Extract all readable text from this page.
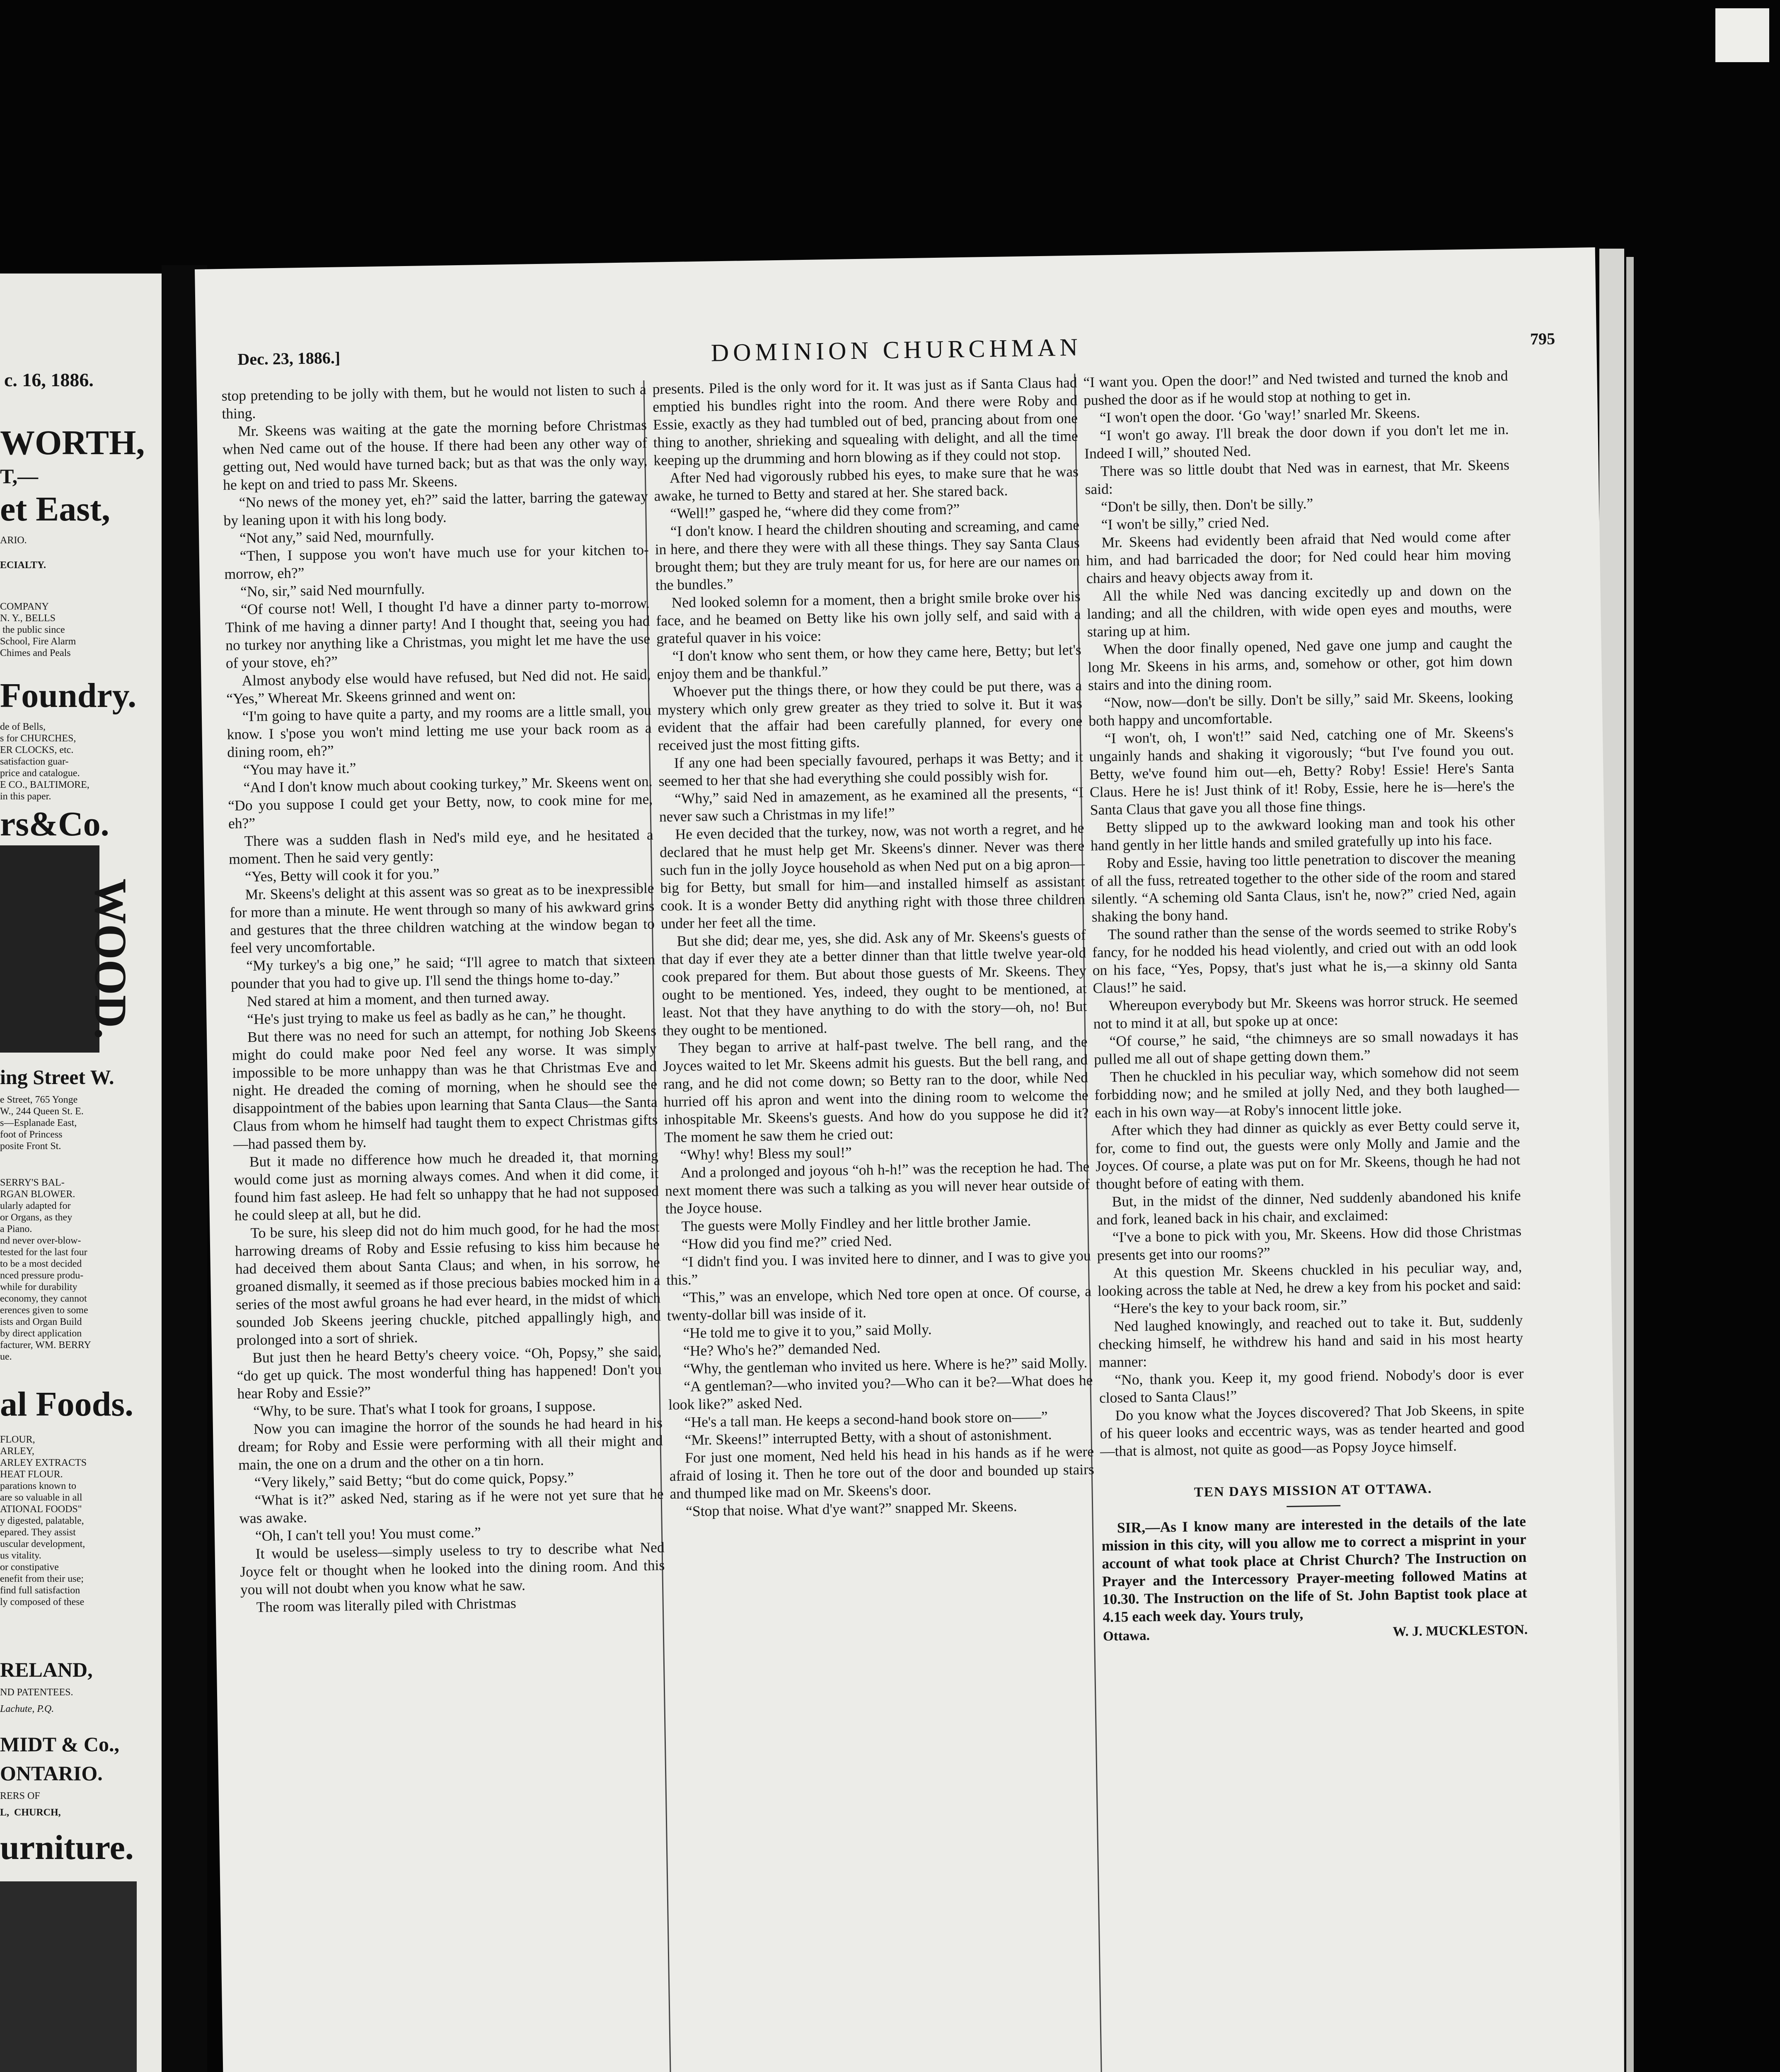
c. 16, 1886.
WORTH,
T,—
et East,
ARIO.
ECIALTY.
COMPANY
N. Y., BELLS
the public since
School, Fire Alarm
Chimes and Peals
Foundry.
de of Bells,
s for CHURCHES,
ER CLOCKS, etc.
satisfaction guar-
price and catalogue.
E CO., BALTIMORE,
in this paper.
rs&Co.
WOOD.
ing Street W.
e Street, 765 Yonge
W., 244 Queen St. E.
s—Esplanade East,
foot of Princess
posite Front St.
SERRY'S BAL-
RGAN BLOWER.
ularly adapted for
or Organs, as they
a Piano.
nd never over-blow-
tested for the last four
to be a most decided
nced pressure produ-
while for durability
economy, they cannot
erences given to some
ists and Organ Build
by direct application
facturer, WM. BERRY
ue.
al Foods.
FLOUR,
ARLEY,
ARLEY EXTRACTS
HEAT FLOUR.
parations known to
are so valuable in all
ATIONAL FOODS"
y digested, palatable,
epared. They assist
uscular development,
us vitality.
or constipative
enefit from their use;
find full satisfaction
ly composed of these
RELAND,
ND PATENTEES.
Lachute, P.Q.
MIDT & Co.,
ONTARIO.
RERS OF
L,  CHURCH,
urniture.
Dec. 23, 1886.]	DOMINION CHURCHMAN	795

stop pretending to be jolly with them, but he would not listen to such a thing.

Mr. Skeens was waiting at the gate the morning before Christmas when Ned came out of the house. If there had been any other way of getting out, Ned would have turned back; but as that was the only way, he kept on and tried to pass Mr. Skeens.

“No news of the money yet, eh?” said the latter, barring the gateway by leaning upon it with his long body.

“Not any,” said Ned, mournfully.

“Then, I suppose you won't have much use for your kitchen to-morrow, eh?”

“No, sir,” said Ned mournfully.

“Of course not! Well, I thought I'd have a dinner party to-morrow. Think of me having a dinner party! And I thought that, seeing you had no turkey nor anything like a Christmas, you might let me have the use of your stove, eh?”

Almost anybody else would have refused, but Ned did not. He said, “Yes,” Whereat Mr. Skeens grinned and went on:

“I'm going to have quite a party, and my rooms are a little small, you know. I s'pose you won't mind letting me use your back room as a dining room, eh?”

“You may have it.”

“And I don't know much about cooking turkey,” Mr. Skeens went on. “Do you suppose I could get your Betty, now, to cook mine for me, eh?”

There was a sudden flash in Ned's mild eye, and he hesitated a moment. Then he said very gently:

“Yes, Betty will cook it for you.”

Mr. Skeens's delight at this assent was so great as to be inexpressible for more than a minute. He went through so many of his awkward grins and gestures that the three children watching at the window began to feel very uncomfortable.

“My turkey's a big one,” he said; “I'll agree to match that sixteen pounder that you had to give up. I'll send the things home to-day.”

Ned stared at him a moment, and then turned away.

“He's just trying to make us feel as badly as he can,” he thought.

But there was no need for such an attempt, for nothing Job Skeens might do could make poor Ned feel any worse. It was simply impossible to be more unhappy than was he that Christmas Eve and night. He dreaded the coming of morning, when he should see the disappointment of the babies upon learning that Santa Claus—the Santa Claus from whom he himself had taught them to expect Christmas gifts—had passed them by.

But it made no difference how much he dreaded it, that morning would come just as morning always comes. And when it did come, it found him fast asleep. He had felt so unhappy that he had not supposed he could sleep at all, but he did.

To be sure, his sleep did not do him much good, for he had the most harrowing dreams of Roby and Essie refusing to kiss him because he had deceived them about Santa Claus; and when, in his sorrow, he groaned dismally, it seemed as if those precious babies mocked him in a series of the most awful groans he had ever heard, in the midst of which sounded Job Skeens jeering chuckle, pitched appallingly high, and prolonged into a sort of shriek.

But just then he heard Betty's cheery voice. “Oh, Popsy,” she said, “do get up quick. The most wonderful thing has happened! Don't you hear Roby and Essie?”

“Why, to be sure. That's what I took for groans, I suppose.

Now you can imagine the horror of the sounds he had heard in his dream; for Roby and Essie were performing with all their might and main, the one on a drum and the other on a tin horn.

“Very likely,” said Betty; “but do come quick, Popsy.”

“What is it?” asked Ned, staring as if he were not yet sure that he was awake.

“Oh, I can't tell you! You must come.”

It would be useless—simply useless to try to describe what Ned Joyce felt or thought when he looked into the dining room. And this you will not doubt when you know what he saw.

The room was literally piled with Christmas

presents. Piled is the only word for it. It was just as if Santa Claus had emptied his bundles right into the room. And there were Roby and Essie, exactly as they had tumbled out of bed, prancing about from one thing to another, shrieking and squealing with delight, and all the time keeping up the drumming and horn blowing as if they could not stop.

After Ned had vigorously rubbed his eyes, to make sure that he was awake, he turned to Betty and stared at her. She stared back.

“Well!” gasped he, “where did they come from?”

“I don't know. I heard the children shouting and screaming, and came in here, and there they were with all these things. They say Santa Claus brought them; but they are truly meant for us, for here are our names on the bundles.”

Ned looked solemn for a moment, then a bright smile broke over his face, and he beamed on Betty like his own jolly self, and said with a grateful quaver in his voice:

“I don't know who sent them, or how they came here, Betty; but let's enjoy them and be thankful.”

Whoever put the things there, or how they could be put there, was a mystery which only grew greater as they tried to solve it. But it was evident that the affair had been carefully planned, for every one received just the most fitting gifts.

If any one had been specially favoured, perhaps it was Betty; and it seemed to her that she had everything she could possibly wish for.

“Why,” said Ned in amazement, as he examined all the presents, “I never saw such a Christmas in my life!”

He even decided that the turkey, now, was not worth a regret, and he declared that he must help get Mr. Skeens's dinner. Never was there such fun in the jolly Joyce household as when Ned put on a big apron—big for Betty, but small for him—and installed himself as assistant cook. It is a wonder Betty did anything right with those three children under her feet all the time.

But she did; dear me, yes, she did. Ask any of Mr. Skeens's guests of that day if ever they ate a better dinner than that little twelve year-old cook prepared for them. But about those guests of Mr. Skeens. They ought to be mentioned. Yes, indeed, they ought to be mentioned, at least. Not that they have anything to do with the story—oh, no! But they ought to be mentioned.

They began to arrive at half-past twelve. The bell rang, and the Joyces waited to let Mr. Skeens admit his guests. But the bell rang, and rang, and he did not come down; so Betty ran to the door, while Ned hurried off his apron and went into the dining room to welcome the inhospitable Mr. Skeens's guests. And how do you suppose he did it? The moment he saw them he cried out:

“Why! why! Bless my soul!”

And a prolonged and joyous “oh h-h!” was the reception he had. The next moment there was such a talking as you will never hear outside of the Joyce house.

The guests were Molly Findley and her little brother Jamie.

“How did you find me?” cried Ned.

“I didn't find you. I was invited here to dinner, and I was to give you this.”

“This,” was an envelope, which Ned tore open at once. Of course, a twenty-dollar bill was inside of it.

“He told me to give it to you,” said Molly.

“He? Who's he?” demanded Ned.

“Why, the gentleman who invited us here. Where is he?” said Molly.

“A gentleman?—who invited you?—Who can it be?—What does he look like?” asked Ned.

“He's a tall man. He keeps a second-hand book store on——”

“Mr. Skeens!” interrupted Betty, with a shout of astonishment.

For just one moment, Ned held his head in his hands as if he were afraid of losing it. Then he tore out of the door and bounded up stairs and thumped like mad on Mr. Skeens's door.

“Stop that noise. What d'ye want?” snapped Mr. Skeens.

“I want you. Open the door!” and Ned twisted and turned the knob and pushed the door as if he would stop at nothing to get in.

“I won't open the door. ‘Go 'way!’ snarled Mr. Skeens.

“I won't go away. I'll break the door down if you don't let me in. Indeed I will,” shouted Ned.

There was so little doubt that Ned was in earnest, that Mr. Skeens said:

“Don't be silly, then. Don't be silly.”

“I won't be silly,” cried Ned.

Mr. Skeens had evidently been afraid that Ned would come after him, and had barricaded the door; for Ned could hear him moving chairs and heavy objects away from it.

All the while Ned was dancing excitedly up and down on the landing; and all the children, with wide open eyes and mouths, were staring up at him.

When the door finally opened, Ned gave one jump and caught the long Mr. Skeens in his arms, and, somehow or other, got him down stairs and into the dining room.

“Now, now—don't be silly. Don't be silly,” said Mr. Skeens, looking both happy and uncomfortable.

“I won't, oh, I won't!” said Ned, catching one of Mr. Skeens's ungainly hands and shaking it vigorously; “but I've found you out. Betty, we've found him out—eh, Betty? Roby! Essie! Here's Santa Claus. Here he is! Just think of it! Roby, Essie, here he is—here's the Santa Claus that gave you all those fine things.

Betty slipped up to the awkward looking man and took his other hand gently in her little hands and smiled gratefully up into his face.

Roby and Essie, having too little penetration to discover the meaning of all the fuss, retreated together to the other side of the room and stared silently. “A scheming old Santa Claus, isn't he, now?” cried Ned, again shaking the bony hand.

The sound rather than the sense of the words seemed to strike Roby's fancy, for he nodded his head violently, and cried out with an odd look on his face, “Yes, Popsy, that's just what he is,—a skinny old Santa Claus!” he said.

Whereupon everybody but Mr. Skeens was horror struck. He seemed not to mind it at all, but spoke up at once:

“Of course,” he said, “the chimneys are so small nowadays it has pulled me all out of shape getting down them.”

Then he chuckled in his peculiar way, which somehow did not seem forbidding now; and he smiled at jolly Ned, and they both laughed—each in his own way—at Roby's innocent little joke.

After which they had dinner as quickly as ever Betty could serve it, for, come to find out, the guests were only Molly and Jamie and the Joyces. Of course, a plate was put on for Mr. Skeens, though he had not thought before of eating with them.

But, in the midst of the dinner, Ned suddenly abandoned his knife and fork, leaned back in his chair, and exclaimed:

“I've a bone to pick with you, Mr. Skeens. How did those Christmas presents get into our rooms?”

At this question Mr. Skeens chuckled in his peculiar way, and, looking across the table at Ned, he drew a key from his pocket and said:

“Here's the key to your back room, sir.”

Ned laughed knowingly, and reached out to take it. But, suddenly checking himself, he withdrew his hand and said in his most hearty manner:

“No, thank you. Keep it, my good friend. Nobody's door is ever closed to Santa Claus!”

Do you know what the Joyces discovered? That Job Skeens, in spite of his queer looks and eccentric ways, was as tender hearted and good—that is almost, not quite as good—as Popsy Joyce himself.

TEN DAYS MISSION AT OTTAWA.

SIR,—As I know many are interested in the details of the late mission in this city, will you allow me to correct a misprint in your account of what took place at Christ Church? The Instruction on Prayer and the Intercessory Prayer-meeting followed Matins at 10.30. The Instruction on the life of St. John Baptist took place at 4.15 each week day. Yours truly,

Ottawa.	W. J. MUCKLESTON.
